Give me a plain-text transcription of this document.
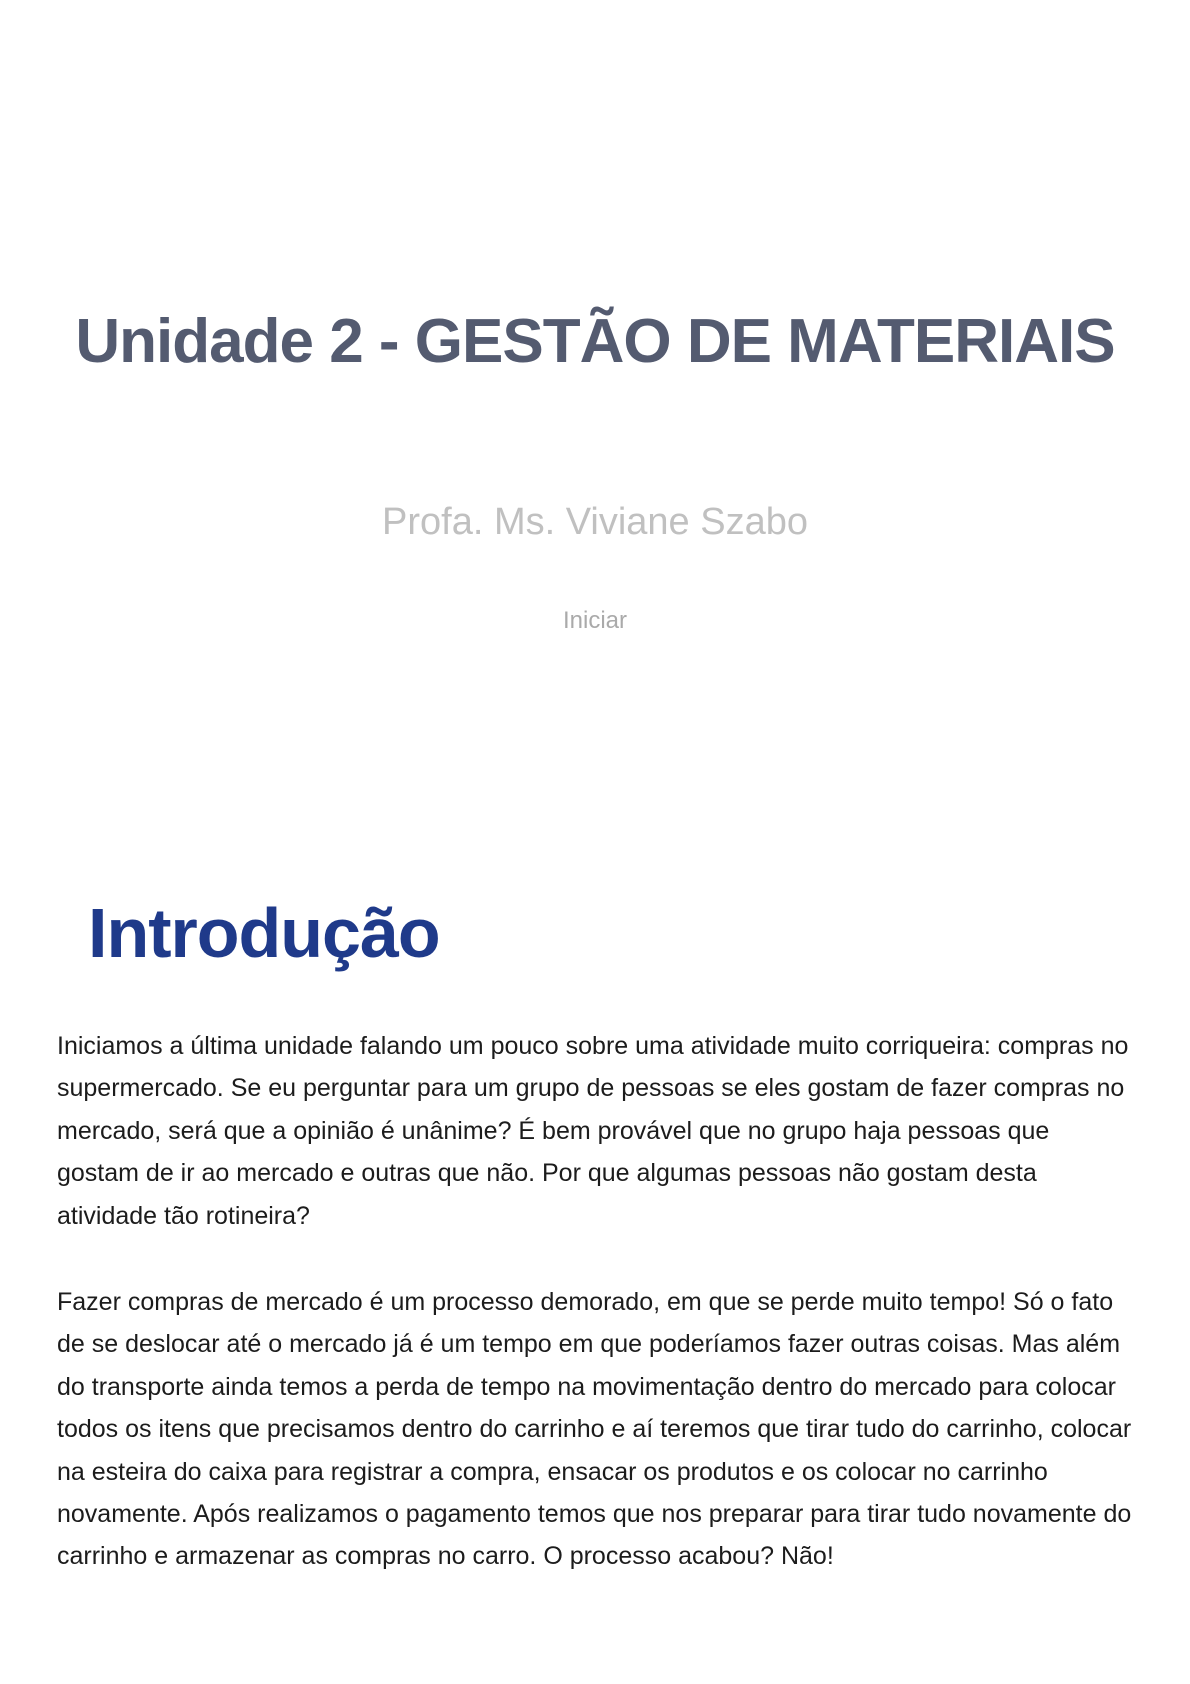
Unidade 2 - GESTÃO DE MATERIAIS

Profa. Ms. Viviane Szabo

Iniciar
Introdução

Iniciamos a última unidade falando um pouco sobre uma atividade muito corriqueira: compras no supermercado. Se eu perguntar para um grupo de pessoas se eles gostam de fazer compras no mercado, será que a opinião é unânime? É bem provável que no grupo haja pessoas que gostam de ir ao mercado e outras que não. Por que algumas pessoas não gostam desta atividade tão rotineira?

Fazer compras de mercado é um processo demorado, em que se perde muito tempo! Só o fato de se deslocar até o mercado já é um tempo em que poderíamos fazer outras coisas. Mas além do transporte ainda temos a perda de tempo na movimentação dentro do mercado para colocar todos os itens que precisamos dentro do carrinho e aí teremos que tirar tudo do carrinho, colocar na esteira do caixa para registrar a compra, ensacar os produtos e os colocar no carrinho novamente. Após realizamos o pagamento temos que nos preparar para tirar tudo novamente do carrinho e armazenar as compras no carro. O processo acabou? Não!
